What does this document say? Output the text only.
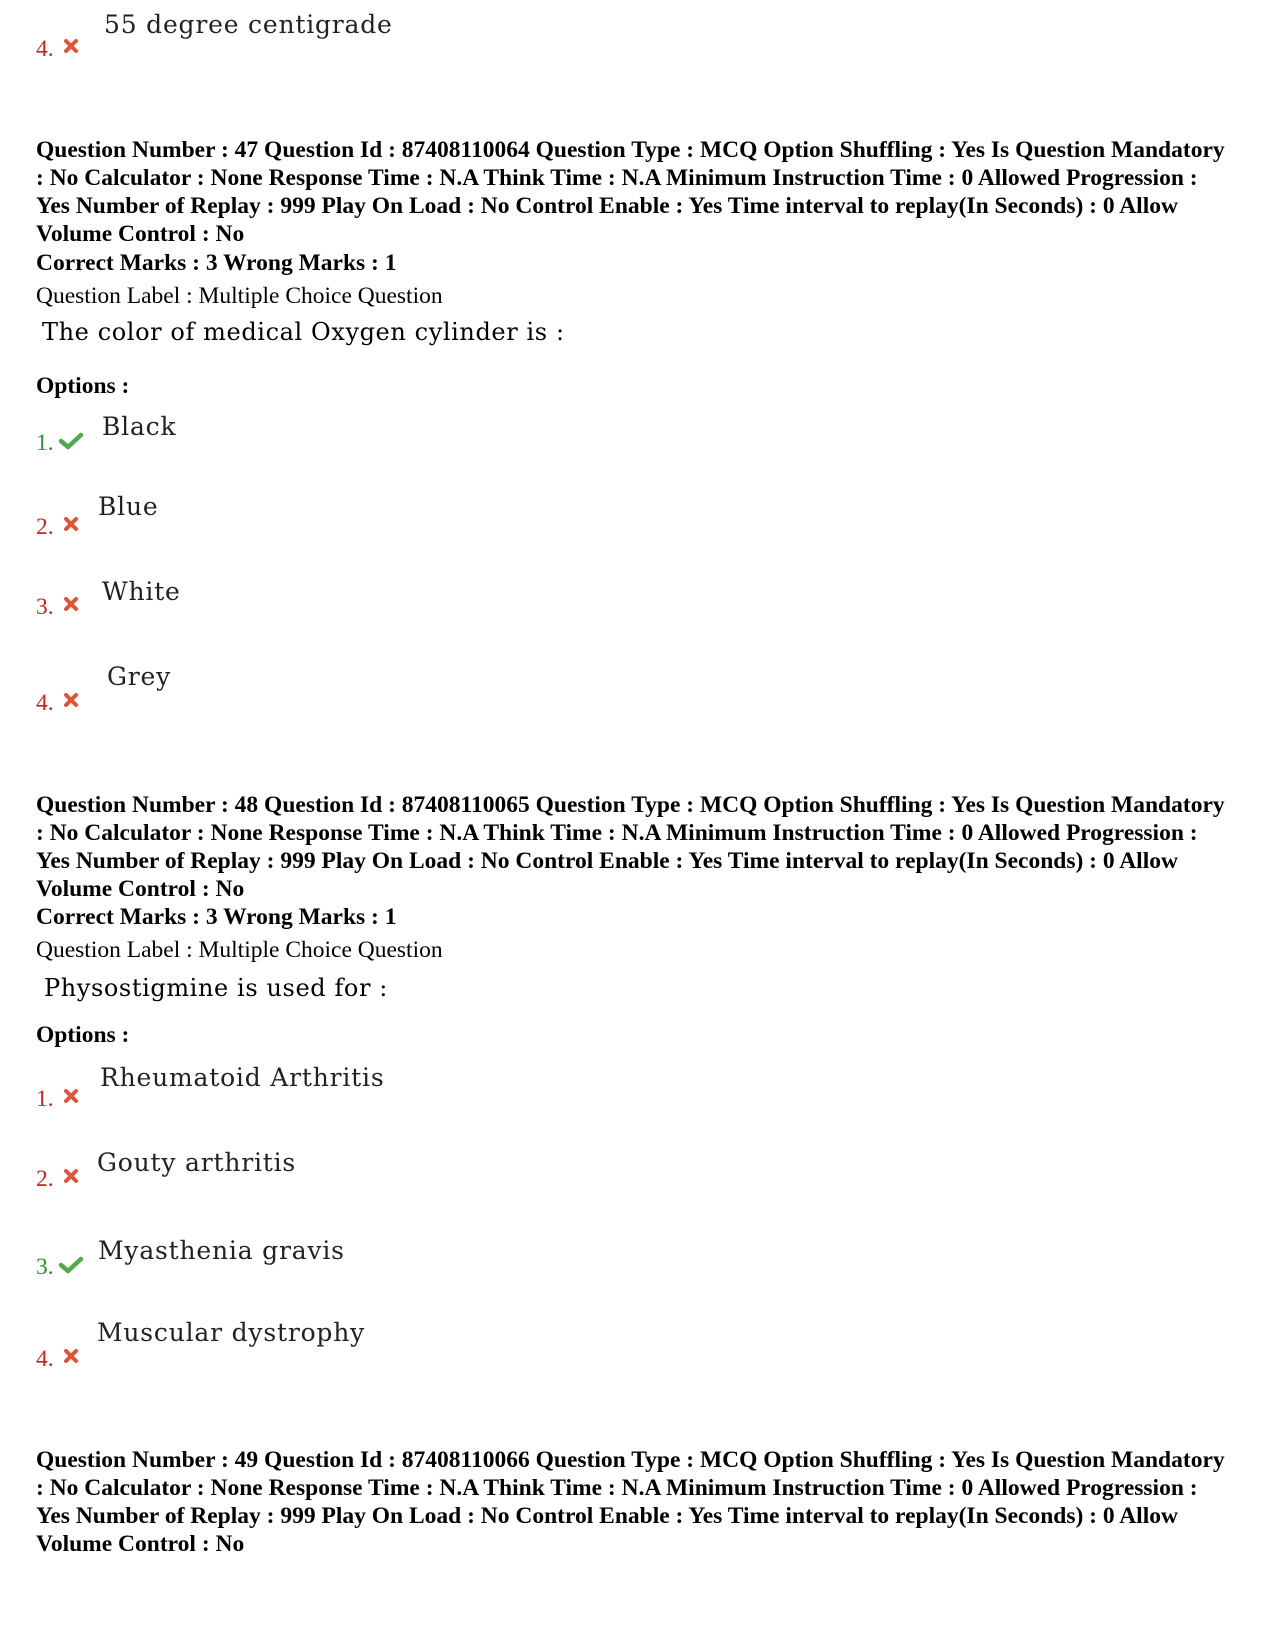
4.
55 degree centigrade

Question Number : 47 Question Id : 87408110064 Question Type : MCQ Option Shuffling : Yes Is Question Mandatory : No Calculator : None Response Time : N.A Think Time : N.A Minimum Instruction Time : 0 Allowed Progression : Yes Number of Replay : 999 Play On Load : No Control Enable : Yes Time interval to replay(In Seconds) : 0 Allow Volume Control : No

Correct Marks : 3 Wrong Marks : 1
Question Label : Multiple Choice Question
The color of medical Oxygen cylinder is :
Options :
1.
Black
2.
Blue
3.
White
4.
Grey

Question Number : 48 Question Id : 87408110065 Question Type : MCQ Option Shuffling : Yes Is Question Mandatory : No Calculator : None Response Time : N.A Think Time : N.A Minimum Instruction Time : 0 Allowed Progression : Yes Number of Replay : 999 Play On Load : No Control Enable : Yes Time interval to replay(In Seconds) : 0 Allow Volume Control : No

Correct Marks : 3 Wrong Marks : 1
Question Label : Multiple Choice Question
Physostigmine is used for :
Options :
1.
Rheumatoid Arthritis
2.
Gouty arthritis
3.
Myasthenia gravis
4.
Muscular dystrophy

Question Number : 49 Question Id : 87408110066 Question Type : MCQ Option Shuffling : Yes Is Question Mandatory : No Calculator : None Response Time : N.A Think Time : N.A Minimum Instruction Time : 0 Allowed Progression : Yes Number of Replay : 999 Play On Load : No Control Enable : Yes Time interval to replay(In Seconds) : 0 Allow Volume Control : No
